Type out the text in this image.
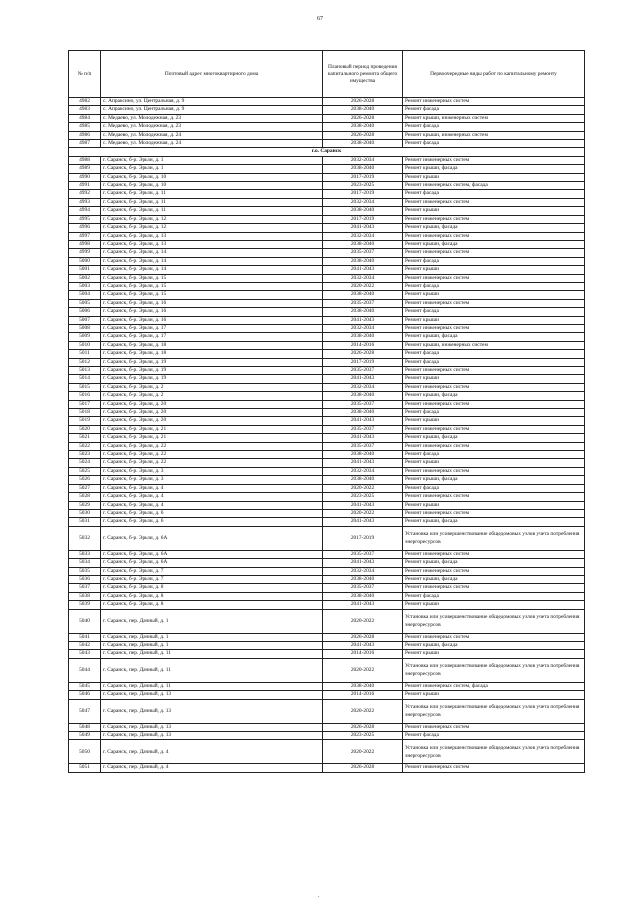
67
№ п/п	Почтовый адрес многоквартирного дома	Плановый период проведения капитального ремонта общего имущества	Первоочередные виды работ по капитальному ремонту
4982	с. Апраксино, ул. Центральная, д. 9	2026-2028	Ремонт инженерных систем
4983	с. Апраксино, ул. Центральная, д. 9	2038-2040	Ремонт фасада
4984	с. Медаево, ул. Молодежная, д. 23	2026-2028	Ремонт крыши, инженерных систем
4985	с. Медаево, ул. Молодежная, д. 23	2038-2040	Ремонт фасада
4986	с. Медаево, ул. Молодежная, д. 24	2026-2028	Ремонт крыши, инженерных систем
4987	с. Медаево, ул. Молодежная, д. 24	2038-2040	Ремонт фасада
г.о. Саранск			
4988	г. Саранск, б-р. Эрьзи, д. 1	2032-2034	Ремонт инженерных систем
4989	г. Саранск, б-р. Эрьзи, д. 1	2038-2040	Ремонт крыши, фасада
4990	г. Саранск, б-р. Эрьзи, д. 10	2017-2019	Ремонт крыши
4991	г. Саранск, б-р. Эрьзи, д. 10	2023-2025	Ремонт инженерных систем, фасада
4992	г. Саранск, б-р. Эрьзи, д. 11	2017-2019	Ремонт фасада
4993	г. Саранск, б-р. Эрьзи, д. 11	2032-2034	Ремонт инженерных систем
4994	г. Саранск, б-р. Эрьзи, д. 11	2038-2040	Ремонт крыши
4995	г. Саранск, б-р. Эрьзи, д. 12	2017-2019	Ремонт инженерных систем
4996	г. Саранск, б-р. Эрьзи, д. 12	2041-2043	Ремонт крыши, фасада
4997	г. Саранск, б-р. Эрьзи, д. 13	2032-2034	Ремонт инженерных систем
4998	г. Саранск, б-р. Эрьзи, д. 13	2038-2040	Ремонт крыши, фасада
4999	г. Саранск, б-р. Эрьзи, д. 14	2035-2037	Ремонт инженерных систем
5000	г. Саранск, б-р. Эрьзи, д. 14	2038-2040	Ремонт фасада
5001	г. Саранск, б-р. Эрьзи, д. 14	2041-2043	Ремонт крыши
5002	г. Саранск, б-р. Эрьзи, д. 15	2032-2034	Ремонт инженерных систем
5003	г. Саранск, б-р. Эрьзи, д. 15	2020-2022	Ремонт фасада
5004	г. Саранск, б-р. Эрьзи, д. 15	2038-2040	Ремонт крыши
5005	г. Саранск, б-р. Эрьзи, д. 16	2035-2037	Ремонт инженерных систем
5006	г. Саранск, б-р. Эрьзи, д. 16	2038-2040	Ремонт фасада
5007	г. Саранск, б-р. Эрьзи, д. 16	2041-2043	Ремонт крыши
5008	г. Саранск, б-р. Эрьзи, д. 17	2032-2034	Ремонт инженерных систем
5009	г. Саранск, б-р. Эрьзи, д. 17	2038-2040	Ремонт крыши, фасада
5010	г. Саранск, б-р. Эрьзи, д. 18	2014-2016	Ремонт крыши, инженерных систем
5011	г. Саранск, б-р. Эрьзи, д. 18	2026-2028	Ремонт фасада
5012	г. Саранск, б-р. Эрьзи, д. 19	2017-2019	Ремонт фасада
5013	г. Саранск, б-р. Эрьзи, д. 19	2035-2037	Ремонт инженерных систем
5014	г. Саранск, б-р. Эрьзи, д. 19	2041-2043	Ремонт крыши
5015	г. Саранск, б-р. Эрьзи, д. 2	2032-2034	Ремонт инженерных систем
5016	г. Саранск, б-р. Эрьзи, д. 2	2038-2040	Ремонт крыши, фасада
5017	г. Саранск, б-р. Эрьзи, д. 20	2035-2037	Ремонт инженерных систем
5018	г. Саранск, б-р. Эрьзи, д. 20	2038-2040	Ремонт фасада
5019	г. Саранск, б-р. Эрьзи, д. 20	2041-2043	Ремонт крыши
5020	г. Саранск, б-р. Эрьзи, д. 21	2035-2037	Ремонт инженерных систем
5021	г. Саранск, б-р. Эрьзи, д. 21	2041-2043	Ремонт крыши, фасада
5022	г. Саранск, б-р. Эрьзи, д. 22	2035-2037	Ремонт инженерных систем
5023	г. Саранск, б-р. Эрьзи, д. 22	2038-2040	Ремонт фасада
5024	г. Саранск, б-р. Эрьзи, д. 22	2041-2043	Ремонт крыши
5025	г. Саранск, б-р. Эрьзи, д. 3	2032-2034	Ремонт инженерных систем
5026	г. Саранск, б-р. Эрьзи, д. 3	2038-2040	Ремонт крыши, фасада
5027	г. Саранск, б-р. Эрьзи, д. 4	2020-2022	Ремонт фасада
5028	г. Саранск, б-р. Эрьзи, д. 4	2023-2025	Ремонт инженерных систем
5029	г. Саранск, б-р. Эрьзи, д. 4	2041-2043	Ремонт крыши
5030	г. Саранск, б-р. Эрьзи, д. 6	2020-2022	Ремонт инженерных систем
5031	г. Саранск, б-р. Эрьзи, д. 6	2041-2043	Ремонт крыши, фасада
5032	г. Саранск, б-р. Эрьзи, д. 6А	2017-2019	Установка или усовершенствование общедомовых узлов учета потребления энергоресурсов
5033	г. Саранск, б-р. Эрьзи, д. 6А	2035-2037	Ремонт инженерных систем
5034	г. Саранск, б-р. Эрьзи, д. 6А	2041-2043	Ремонт крыши, фасада
5035	г. Саранск, б-р. Эрьзи, д. 7	2032-2034	Ремонт инженерных систем
5036	г. Саранск, б-р. Эрьзи, д. 7	2038-2040	Ремонт крыши, фасада
5037	г. Саранск, б-р. Эрьзи, д. 8	2035-2037	Ремонт инженерных систем
5038	г. Саранск, б-р. Эрьзи, д. 8	2038-2040	Ремонт фасада
5039	г. Саранск, б-р. Эрьзи, д. 8	2041-2043	Ремонт крыши
5040	г. Саранск, пер. Дачный, д. 1	2020-2022	Установка или усовершенствование общедомовых узлов учета потребления энергоресурсов
5041	г. Саранск, пер. Дачный, д. 1	2026-2028	Ремонт инженерных систем
5042	г. Саранск, пер. Дачный, д. 1	2041-2043	Ремонт крыши, фасада
5043	г. Саранск, пер. Дачный, д. 11	2014-2016	Ремонт крыши
5044	г. Саранск, пер. Дачный, д. 11	2020-2022	Установка или усовершенствование общедомовых узлов учета потребления энергоресурсов
5045	г. Саранск, пер. Дачный, д. 11	2038-2040	Ремонт инженерных систем, фасада
5046	г. Саранск, пер. Дачный, д. 13	2014-2016	Ремонт крыши
5047	г. Саранск, пер. Дачный, д. 13	2020-2022	Установка или усовершенствование общедомовых узлов учета потребления энергоресурсов
5048	г. Саранск, пер. Дачный, д. 13	2026-2028	Ремонт инженерных систем
5049	г. Саранск, пер. Дачный, д. 13	2023-2025	Ремонт фасада
5050	г. Саранск, пер. Дачный, д. 4	2020-2022	Установка или усовершенствование общедомовых узлов учета потребления энергоресурсов
5051	г. Саранск, пер. Дачный, д. 4	2026-2028	Ремонт инженерных систем
.
